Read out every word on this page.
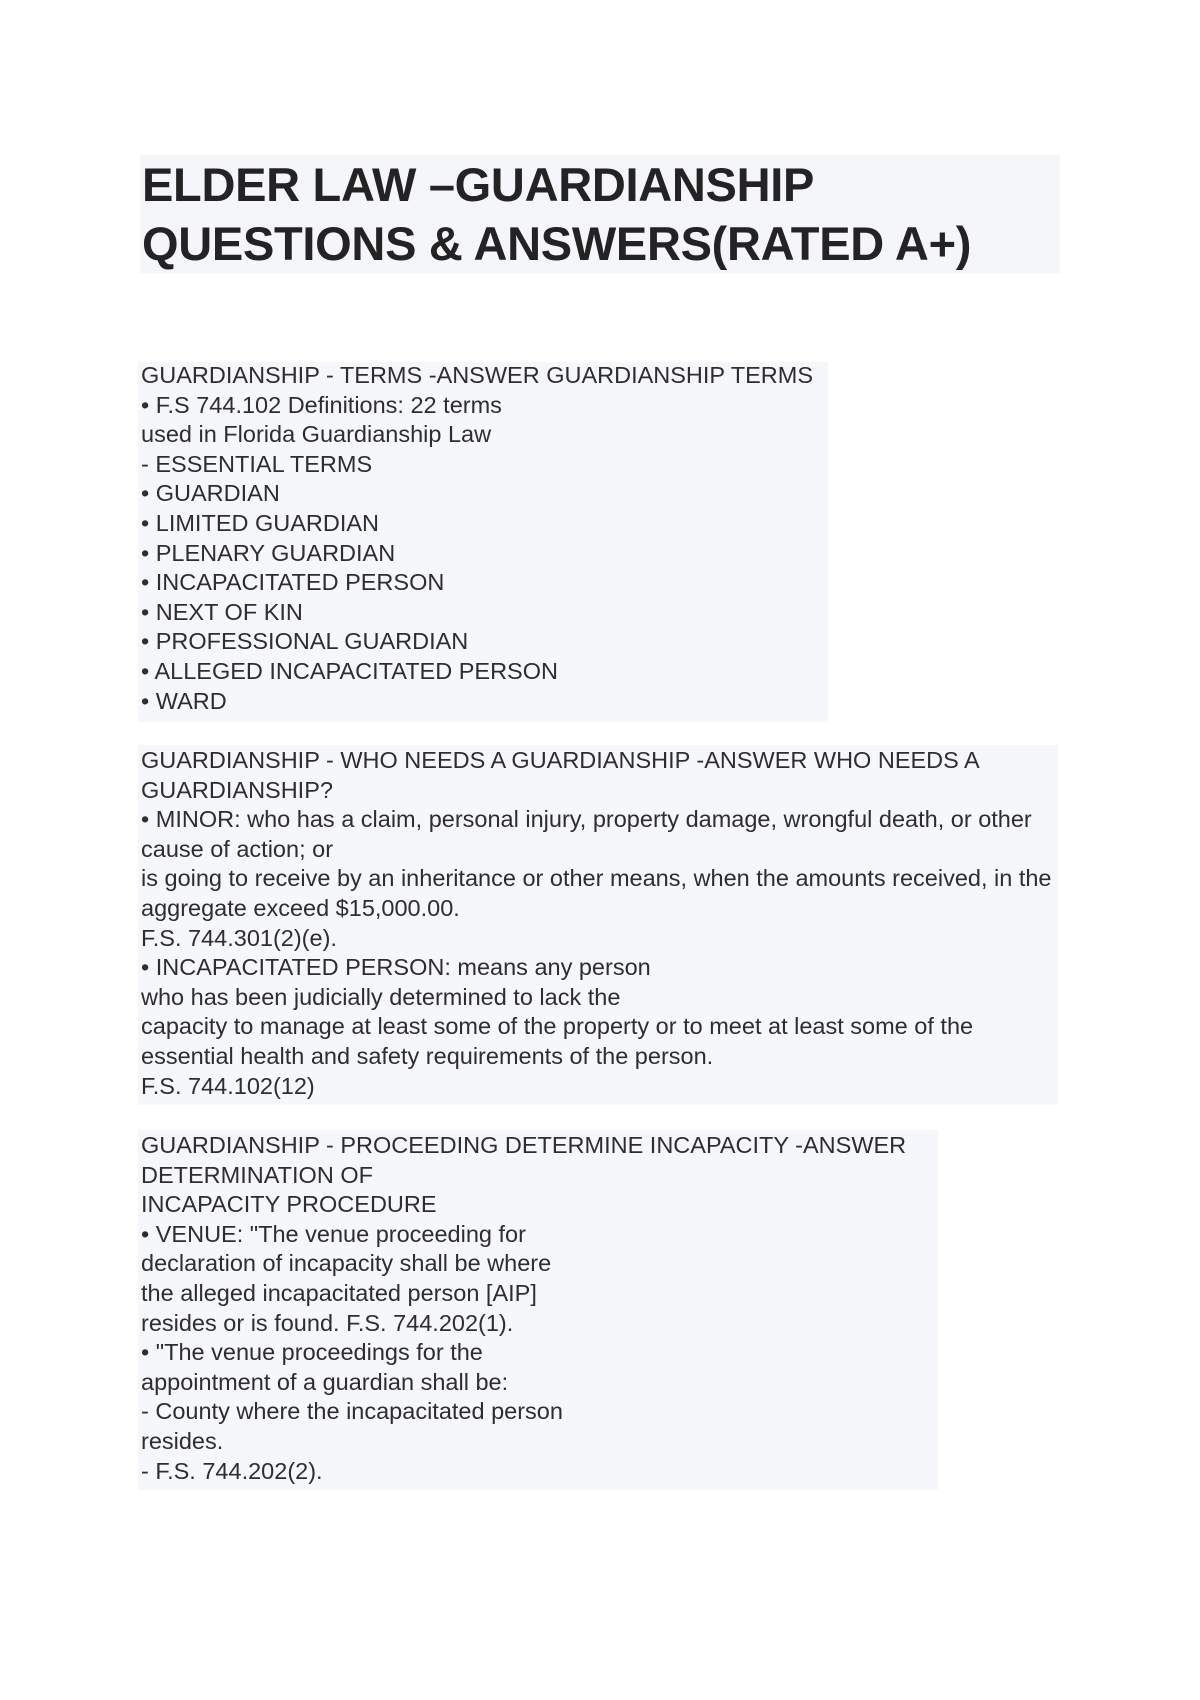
ELDER LAW –GUARDIANSHIP
QUESTIONS & ANSWERS(RATED A+)
GUARDIANSHIP - TERMS -ANSWER GUARDIANSHIP TERMS
• F.S 744.102 Definitions: 22 terms
used in Florida Guardianship Law
- ESSENTIAL TERMS
• GUARDIAN
• LIMITED GUARDIAN
• PLENARY GUARDIAN
• INCAPACITATED PERSON
• NEXT OF KIN
• PROFESSIONAL GUARDIAN
• ALLEGED INCAPACITATED PERSON
• WARD
GUARDIANSHIP - WHO NEEDS A GUARDIANSHIP -ANSWER WHO NEEDS A
GUARDIANSHIP?
• MINOR: who has a claim, personal injury, property damage, wrongful death, or other
cause of action; or
is going to receive by an inheritance or other means, when the amounts received, in the
aggregate exceed $15,000.00.
F.S. 744.301(2)(e).
• INCAPACITATED PERSON: means any person
who has been judicially determined to lack the
capacity to manage at least some of the property or to meet at least some of the
essential health and safety requirements of the person.
F.S. 744.102(12)
GUARDIANSHIP - PROCEEDING DETERMINE INCAPACITY -ANSWER
DETERMINATION OF
INCAPACITY PROCEDURE
• VENUE: "The venue proceeding for
declaration of incapacity shall be where
the alleged incapacitated person [AIP]
resides or is found. F.S. 744.202(1).
• "The venue proceedings for the
appointment of a guardian shall be:
- County where the incapacitated person
resides.
- F.S. 744.202(2).
